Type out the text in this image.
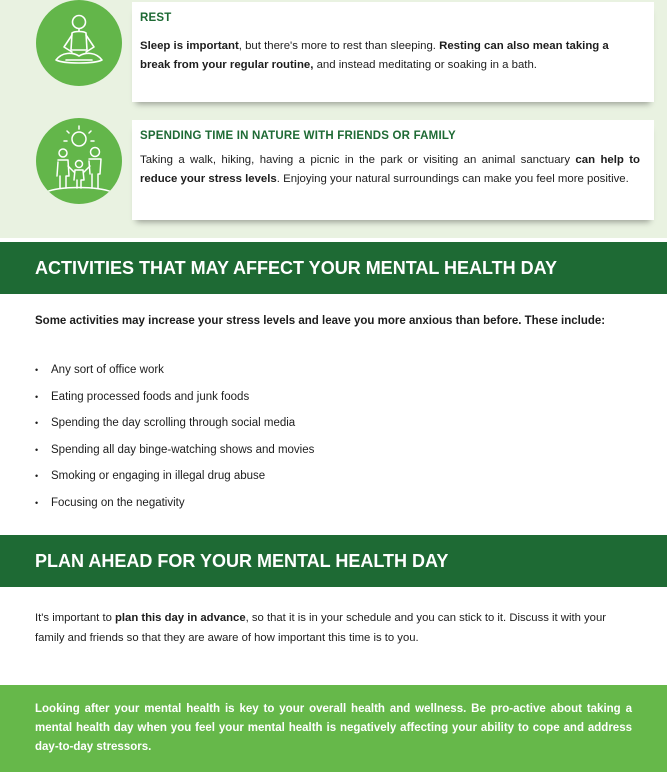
REST
Sleep is important, but there's more to rest than sleeping. Resting can also mean taking a break from your regular routine, and instead meditating or soaking in a bath.
SPENDING TIME IN NATURE WITH FRIENDS OR FAMILY
Taking a walk, hiking, having a picnic in the park or visiting an animal sanctuary can help to reduce your stress levels. Enjoying your natural surroundings can make you feel more positive.
ACTIVITIES THAT MAY AFFECT YOUR MENTAL HEALTH DAY
Some activities may increase your stress levels and leave you more anxious than before. These include:
• Any sort of office work
• Eating processed foods and junk foods
• Spending the day scrolling through social media
• Spending all day binge-watching shows and movies
• Smoking or engaging in illegal drug abuse
• Focusing on the negativity
PLAN AHEAD FOR YOUR MENTAL HEALTH DAY
It's important to plan this day in advance, so that it is in your schedule and you can stick to it. Discuss it with your family and friends so that they are aware of how important this time is to you.
Looking after your mental health is key to your overall health and wellness. Be pro-active about taking a mental health day when you feel your mental health is negatively affecting your ability to cope and address day-to-day stressors.
